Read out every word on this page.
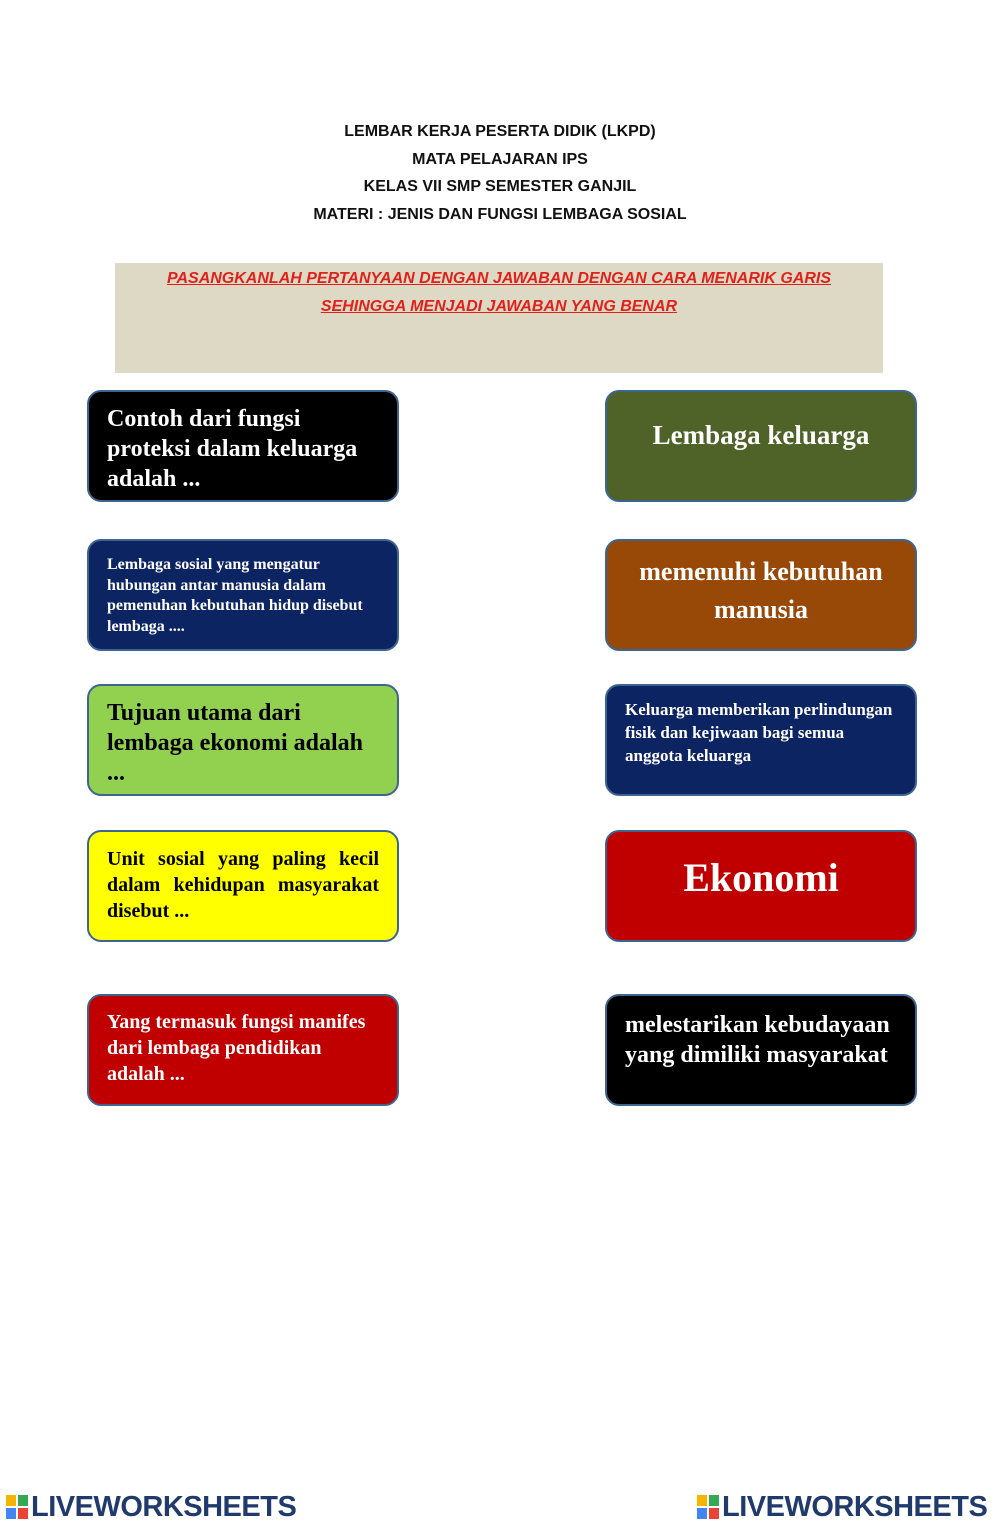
LEMBAR KERJA PESERTA DIDIK (LKPD)
MATA PELAJARAN IPS
KELAS VII SMP SEMESTER GANJIL
MATERI : JENIS DAN FUNGSI LEMBAGA SOSIAL
PASANGKANLAH PERTANYAAN DENGAN JAWABAN DENGAN CARA MENARIK GARIS
SEHINGGA MENJADI JAWABAN YANG BENAR
Contoh dari fungsi proteksi dalam keluarga adalah ...
Lembaga sosial yang mengatur hubungan antar manusia dalam pemenuhan kebutuhan hidup disebut lembaga ....
Tujuan utama dari lembaga ekonomi adalah ...
Unit sosial yang paling kecil dalam kehidupan masyarakat disebut ...
Yang termasuk fungsi manifes dari lembaga pendidikan adalah ...
Lembaga keluarga
memenuhi kebutuhan manusia
Keluarga memberikan perlindungan fisik dan kejiwaan bagi semua anggota keluarga
Ekonomi
melestarikan kebudayaan yang dimiliki masyarakat
LIVEWORKSHEETS	LIVEWORKSHEETS
